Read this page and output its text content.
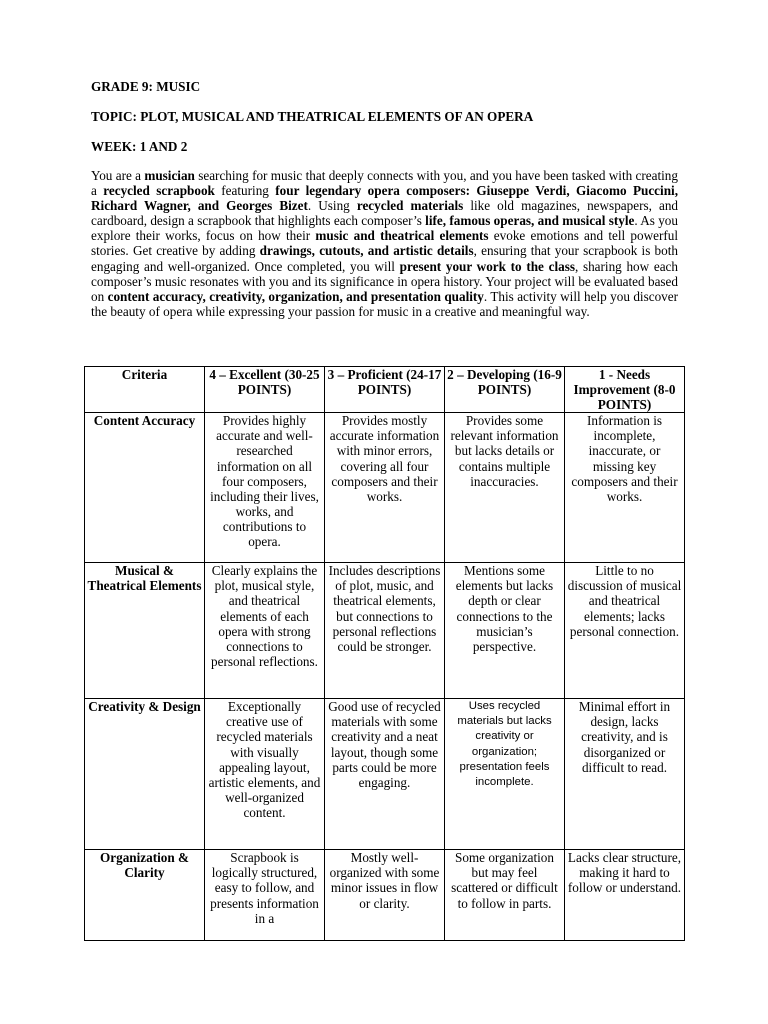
GRADE 9: MUSIC

TOPIC: PLOT, MUSICAL AND THEATRICAL ELEMENTS OF AN OPERA

WEEK: 1 AND 2

You are a musician searching for music that deeply connects with you, and you have been tasked with creating a recycled scrapbook featuring four legendary opera composers: Giuseppe Verdi, Giacomo Puccini, Richard Wagner, and Georges Bizet. Using recycled materials like old magazines, newspapers, and cardboard, design a scrapbook that highlights each composer’s life, famous operas, and musical style. As you explore their works, focus on how their music and theatrical elements evoke emotions and tell powerful stories. Get creative by adding drawings, cutouts, and artistic details, ensuring that your scrapbook is both engaging and well-organized. Once completed, you will present your work to the class, sharing how each composer’s music resonates with you and its significance in opera history. Your project will be evaluated based on content accuracy, creativity, organization, and presentation quality. This activity will help you discover the beauty of opera while expressing your passion for music in a creative and meaningful way.

Criteria	4 – Excellent (30-25 POINTS)	3 – Proficient (24-17 POINTS)	2 – Developing (16-9 POINTS)	1 - Needs Improvement (8-0 POINTS)
Content Accuracy	Provides highly accurate and well-researched information on all four composers, including their lives, works, and contributions to opera.	Provides mostly accurate information with minor errors, covering all four composers and their works.	Provides some relevant information but lacks details or contains multiple inaccuracies.	Information is incomplete, inaccurate, or missing key composers and their works.
Musical & Theatrical Elements	Clearly explains the plot, musical style, and theatrical elements of each opera with strong connections to personal reflections.	Includes descriptions of plot, music, and theatrical elements, but connections to personal reflections could be stronger.	Mentions some elements but lacks depth or clear connections to the musician’s perspective.	Little to no discussion of musical and theatrical elements; lacks personal connection.
Creativity & Design	Exceptionally creative use of recycled materials with visually appealing layout, artistic elements, and well-organized content.	Good use of recycled materials with some creativity and a neat layout, though some parts could be more engaging.	Uses recycled materials but lacks creativity or organization; presentation feels incomplete.	Minimal effort in design, lacks creativity, and is disorganized or difficult to read.
Organization & Clarity	Scrapbook is logically structured, easy to follow, and presents information in a	Mostly well-organized with some minor issues in flow or clarity.	Some organization but may feel scattered or difficult to follow in parts.	Lacks clear structure, making it hard to follow or understand.
